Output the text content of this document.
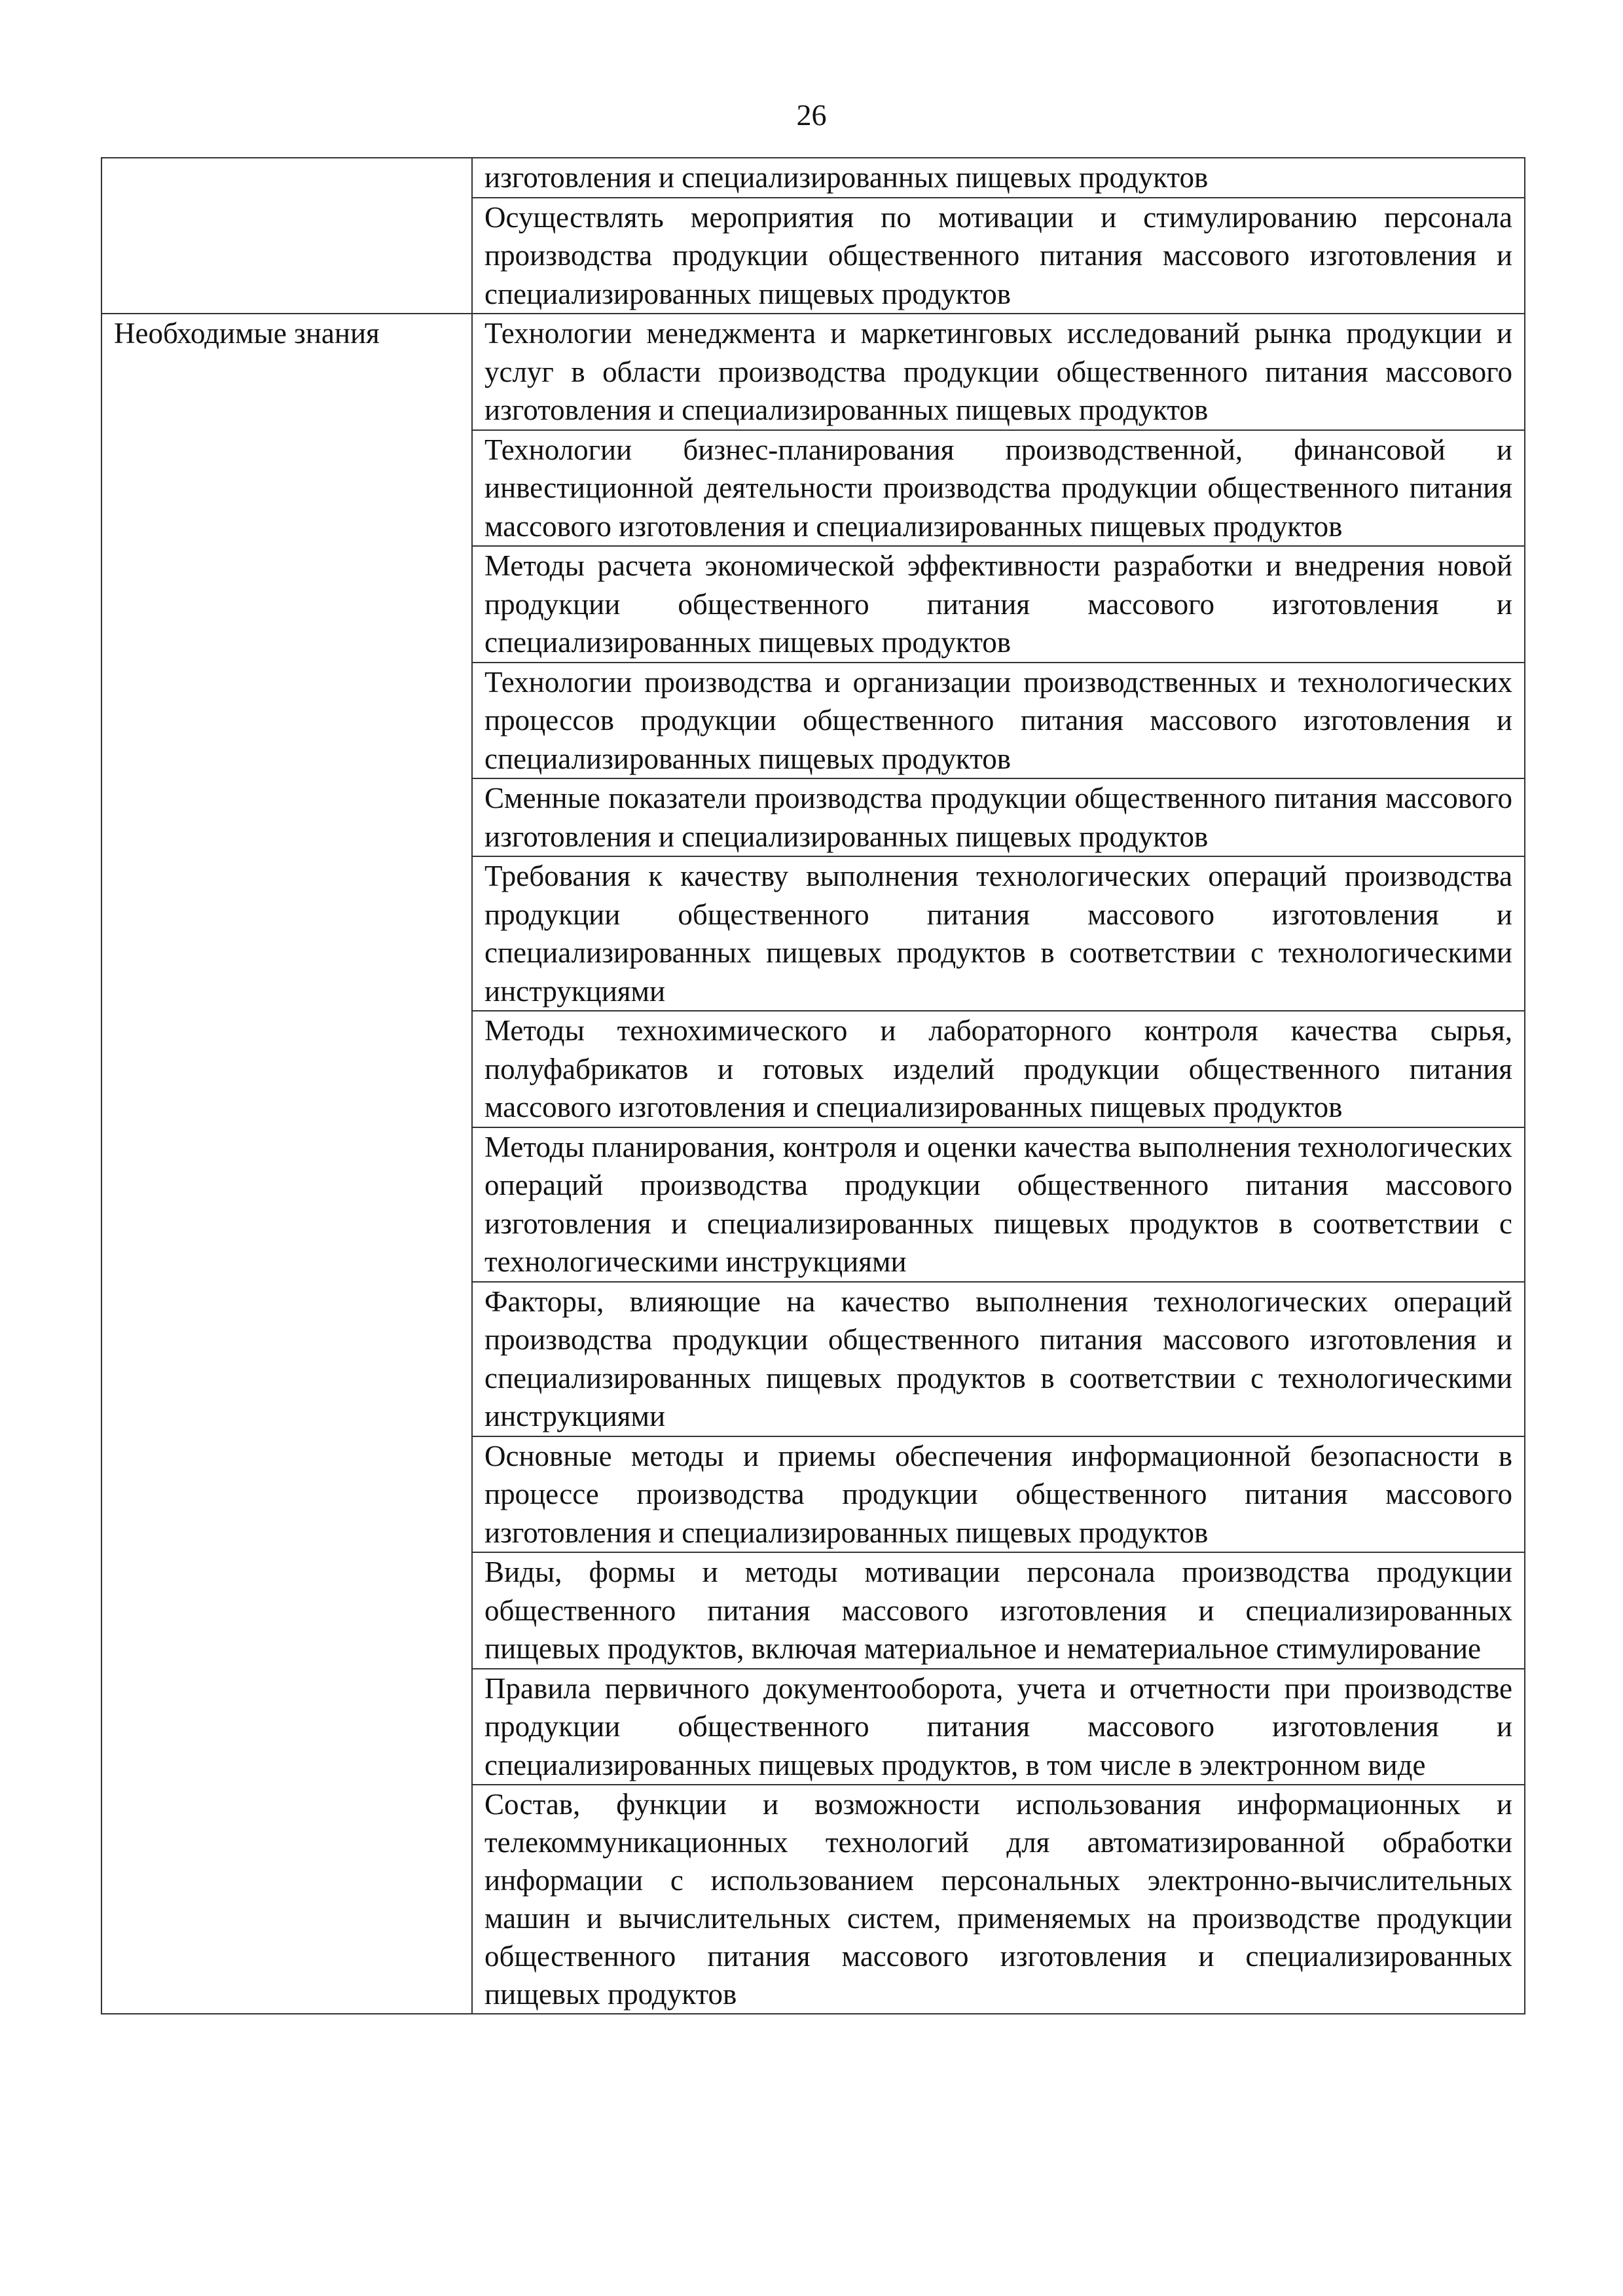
26
	изготовления и специализированных пищевых продуктов
	Осуществлять мероприятия по мотивации и стимулированию персонала производства продукции общественного питания массового изготовления и специализированных пищевых продуктов
Необходимые знания	Технологии менеджмента и маркетинговых исследований рынка продукции и услуг в области производства продукции общественного питания массового изготовления и специализированных пищевых продуктов
	Технологии бизнес-планирования производственной, финансовой и инвестиционной деятельности производства продукции общественного питания массового изготовления и специализированных пищевых продуктов
	Методы расчета экономической эффективности разработки и внедрения новой продукции общественного питания массового изготовления и специализированных пищевых продуктов
	Технологии производства и организации производственных и технологических процессов продукции общественного питания массового изготовления и специализированных пищевых продуктов
	Сменные показатели производства продукции общественного питания массового изготовления и специализированных пищевых продуктов
	Требования к качеству выполнения технологических операций производства продукции общественного питания массового изготовления и специализированных пищевых продуктов в соответствии с технологическими инструкциями
	Методы технохимического и лабораторного контроля качества сырья, полуфабрикатов и готовых изделий продукции общественного питания массового изготовления и специализированных пищевых продуктов
	Методы планирования, контроля и оценки качества выполнения технологических операций производства продукции общественного питания массового изготовления и специализированных пищевых продуктов в соответствии с технологическими инструкциями
	Факторы, влияющие на качество выполнения технологических операций производства продукции общественного питания массового изготовления и специализированных пищевых продуктов в соответствии с технологическими инструкциями
	Основные методы и приемы обеспечения информационной безопасности в процессе производства продукции общественного питания массового изготовления и специализированных пищевых продуктов
	Виды, формы и методы мотивации персонала производства продукции общественного питания массового изготовления и специализированных пищевых продуктов, включая материальное и нематериальное стимулирование
	Правила первичного документооборота, учета и отчетности при производстве продукции общественного питания массового изготовления и специализированных пищевых продуктов, в том числе в электронном виде
	Состав, функции и возможности использования информационных и телекоммуникационных технологий для автоматизированной обработки информации с использованием персональных электронно-вычислительных машин и вычислительных систем, применяемых на производстве продукции общественного питания массового изготовления и специализированных пищевых продуктов
